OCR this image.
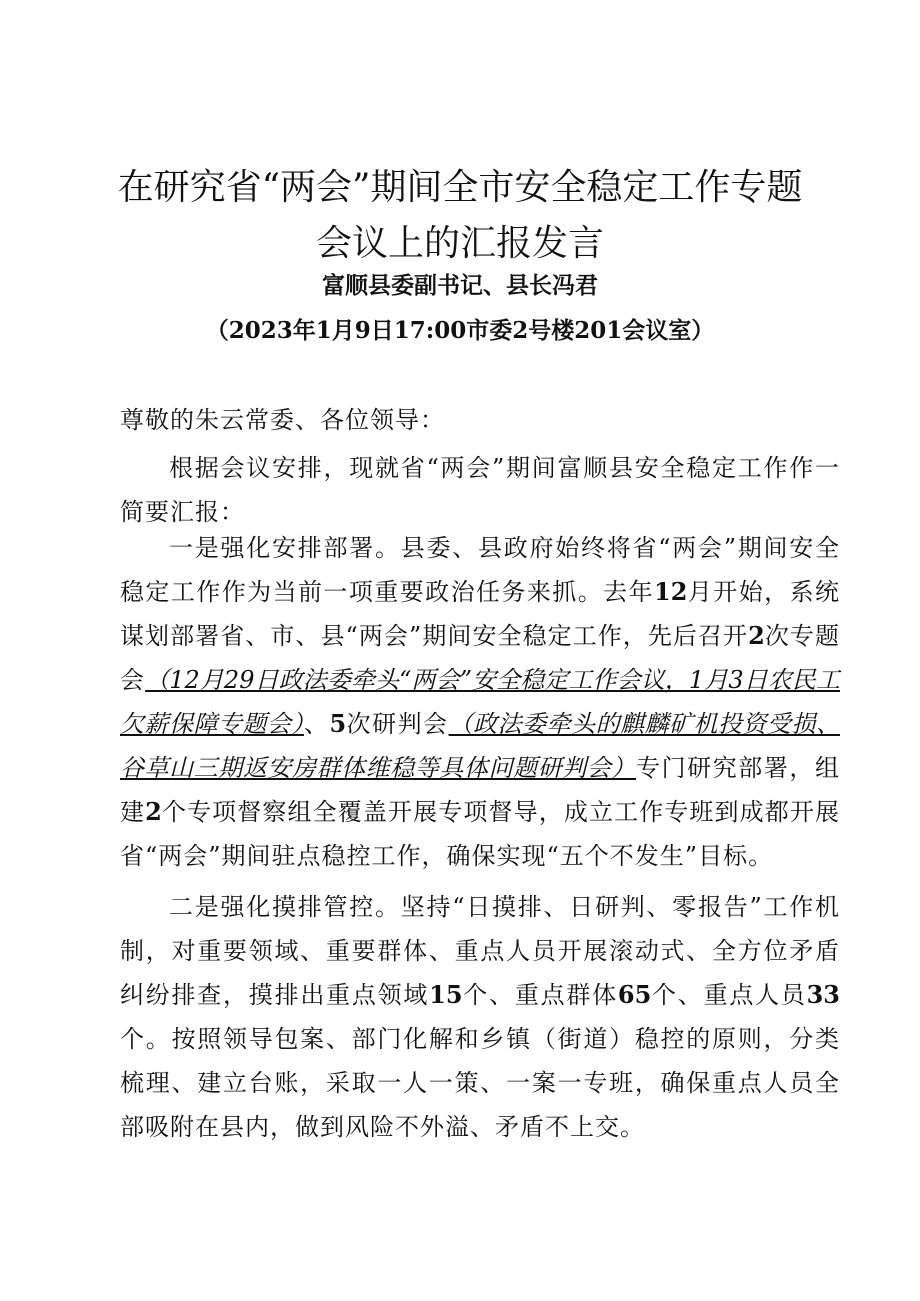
在研究省“两会”期间全市安全稳定工作专题
会议上的汇报发言

富顺县委副书记、县长冯君

（2023年1月9日17:00市委2号楼201会议室）

尊敬的朱云常委、各位领导：

根据会议安排，现就省“两会”期间富顺县安全稳定工作作一简要汇报：

一是强化安排部署。县委、县政府始终将省“两会”期间安全稳定工作作为当前一项重要政治任务来抓。去年12月开始，系统谋划部署省、市、县“两会”期间安全稳定工作，先后召开2次专题会（12月29日政法委牵头“两会”安全稳定工作会议，1月3日农民工欠薪保障专题会）、5次研判会（政法委牵头的麒麟矿机投资受损、谷草山三期返安房群体维稳等具体问题研判会）专门研究部署，组建2个专项督察组全覆盖开展专项督导，成立工作专班到成都开展省“两会”期间驻点稳控工作，确保实现“五个不发生”目标。

二是强化摸排管控。坚持“日摸排、日研判、零报告”工作机制，对重要领域、重要群体、重点人员开展滚动式、全方位矛盾纠纷排查，摸排出重点领域15个、重点群体65个、重点人员33个。按照领导包案、部门化解和乡镇（街道）稳控的原则，分类梳理、建立台账，采取一人一策、一案一专班，确保重点人员全部吸附在县内，做到风险不外溢、矛盾不上交。
